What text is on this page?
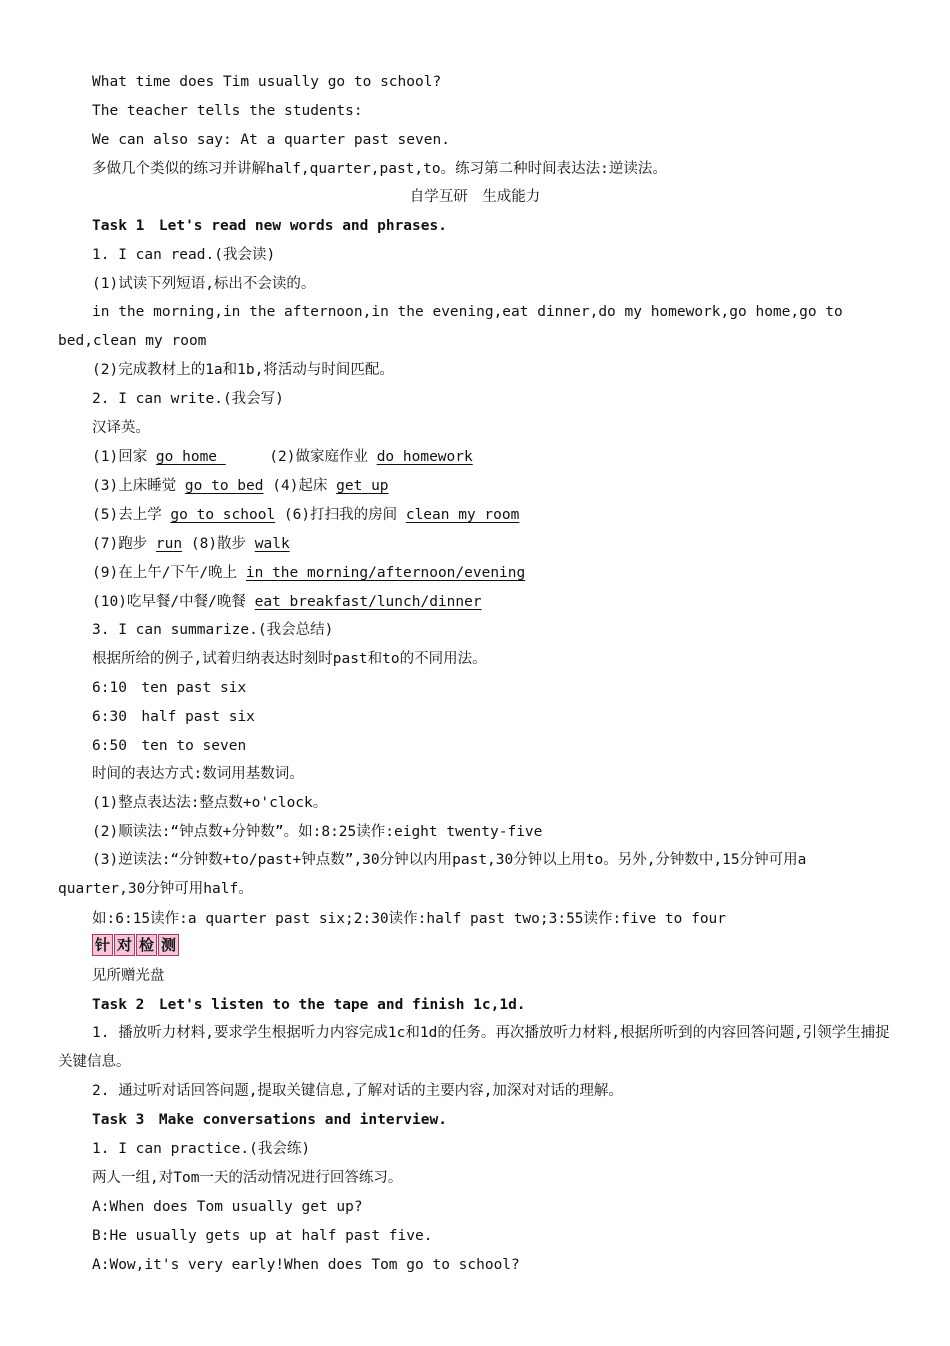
What time does Tim usually go to school?
The teacher tells the students:
We can also say: At a quarter past seven.
多做几个类似的练习并讲解half,quarter,past,to。练习第二种时间表达法:逆读法。
自学互研　生成能力
Task 1　Let's read new words and phrases.
1. I can read.(我会读)
(1)试读下列短语,标出不会读的。
in the morning,in the afternoon,in the evening,eat dinner,do my homework,go home,go to bed,clean my room
(2)完成教材上的1a和1b,将活动与时间匹配。
2. I can write.(我会写)
汉译英。
(1)回家 go home 　　　(2)做家庭作业 do homework
(3)上床睡觉 go to bed (4)起床 get up
(5)去上学 go to school (6)打扫我的房间 clean my room
(7)跑步 run (8)散步 walk
(9)在上午/下午/晚上 in the morning/afternoon/evening
(10)吃早餐/中餐/晚餐 eat breakfast/lunch/dinner
3. I can summarize.(我会总结)
根据所给的例子,试着归纳表达时刻时past和to的不同用法。
6:10　ten past six
6:30　half past six
6:50　ten to seven
时间的表达方式:数词用基数词。
(1)整点表达法:整点数+o'clock。
(2)顺读法:“钟点数+分钟数”。如:8:25读作:eight twenty-five
(3)逆读法:“分钟数+to/past+钟点数”,30分钟以内用past,30分钟以上用to。另外,分钟数中,15分钟可用a quarter,30分钟可用half。
如:6:15读作:a quarter past six;2:30读作:half past two;3:55读作:five to four
针 对 检 测
见所赠光盘
Task 2　Let's listen to the tape and finish 1c,1d.
1. 播放听力材料,要求学生根据听力内容完成1c和1d的任务。再次播放听力材料,根据所听到的内容回答问题,引领学生捕捉关键信息。
2. 通过听对话回答问题,提取关键信息,了解对话的主要内容,加深对对话的理解。
Task 3　Make conversations and interview.
1. I can practice.(我会练)
两人一组,对Tom一天的活动情况进行回答练习。
A:When does Tom usually get up?
B:He usually gets up at half past five.
A:Wow,it's very early!When does Tom go to school?
